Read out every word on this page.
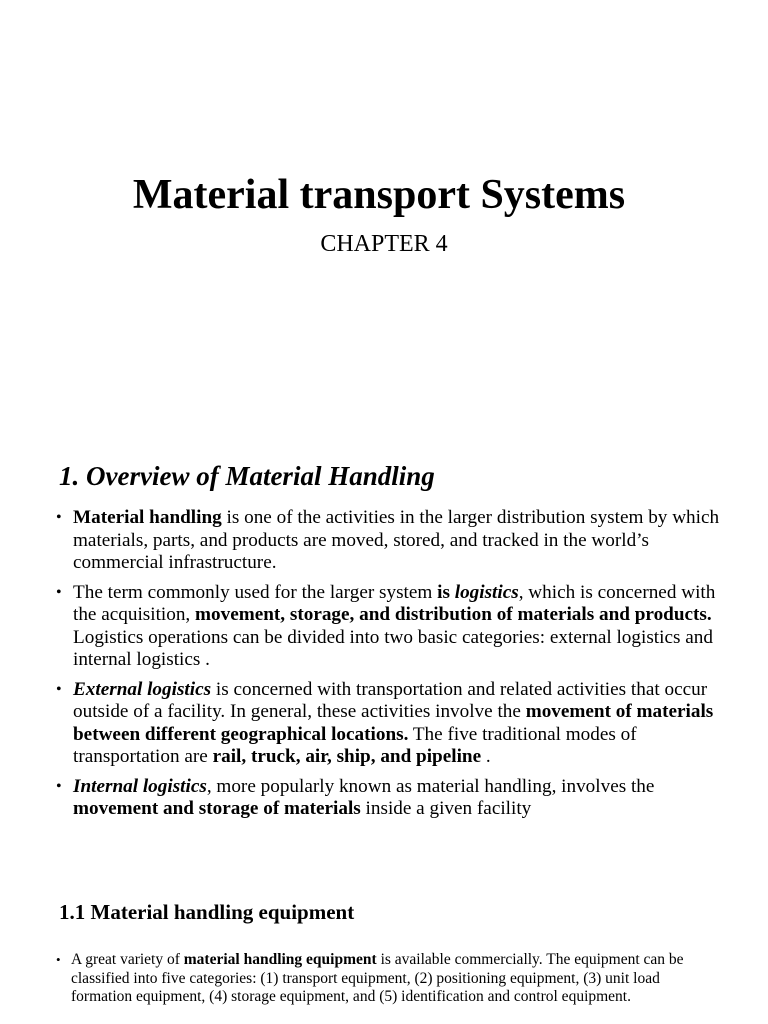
Material transport Systems
CHAPTER 4
1. Overview of Material Handling
• Material handling is one of the activities in the larger distribution system by which materials, parts, and products are moved, stored, and tracked in the world’s commercial infrastructure.
• The term commonly used for the larger system is logistics, which is concerned with the acquisition, movement, storage, and distribution of materials and products. Logistics operations can be divided into two basic categories: external logistics and internal logistics .
• External logistics is concerned with transportation and related activities that occur outside of a facility. In general, these activities involve the movement of materials between different geographical locations. The five traditional modes of transportation are rail, truck, air, ship, and pipeline .
• Internal logistics, more popularly known as material handling, involves the movement and storage of materials inside a given facility
1.1 Material handling equipment
• A great variety of material handling equipment is available commercially. The equipment can be classified into five categories: (1) transport equipment, (2) positioning equipment, (3) unit load formation equipment, (4) storage equipment, and (5) identification and control equipment.
